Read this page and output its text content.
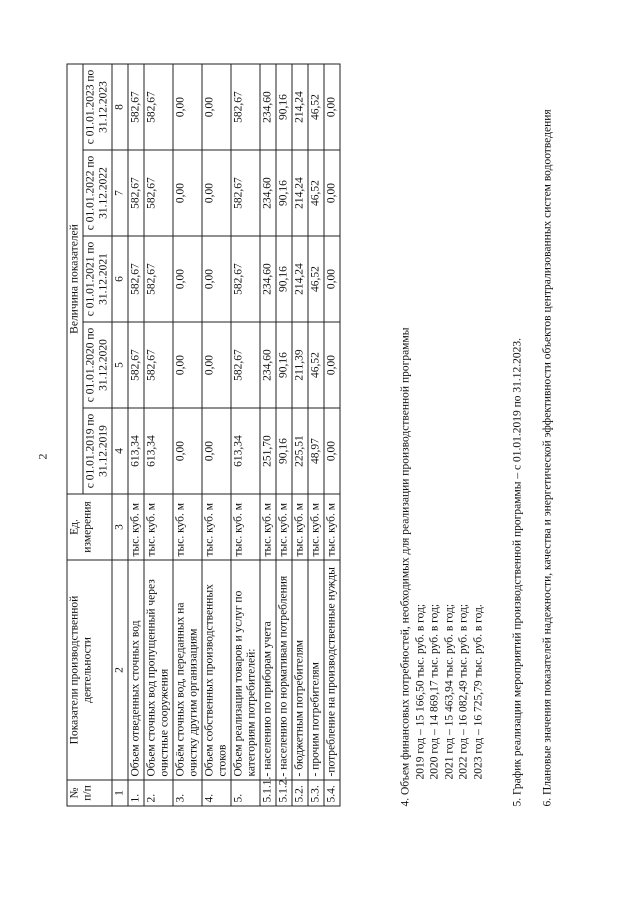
2
№ п/п	Показатели производственной деятельности	Ед. измерения	Величина показателей				
			с 01.01.2019 по 31.12.2019	с 01.01.2020 по 31.12.2020	с 01.01.2021 по 31.12.2021	с 01.01.2022 по 31.12.2022	с 01.01.2023 по 31.12.2023
1	2	3	4	5	6	7	8
1.	Объем отведенных сточных вод	тыс. куб. м	613,34	582,67	582,67	582,67	582,67
2.	Объем сточных вод пропущенный через очистные сооружения	тыс. куб. м	613,34	582,67	582,67	582,67	582,67
3.	Объём сточных вод, переданных на очистку другим организациям	тыс. куб. м	0,00	0,00	0,00	0,00	0,00
4.	Объем собственных производственных стоков	тыс. куб. м	0,00	0,00	0,00	0,00	0,00
5.	Объем реализации товаров и услуг по категориям потребителей:	тыс. куб. м	613,34	582,67	582,67	582,67	582,67
5.1.1.	- населению по приборам учета	тыс. куб. м	251,70	234,60	234,60	234,60	234,60
5.1.2.	- населению по нормативам потребления	тыс. куб. м	90,16	90,16	90,16	90,16	90,16
5.2.	- бюджетным потребителям	тыс. куб. м	225,51	211,39	214,24	214,24	214,24
5.3.	- прочим потребителям	тыс. куб. м	48,97	46,52	46,52	46,52	46,52
5.4.	-потребление на производственные нужды	тыс. куб. м	0,00	0,00	0,00	0,00	0,00
4. Объем финансовых потребностей, необходимых для реализации производственной программы 2019 год – 15 166,50 тыс. руб. в год; 2020 год – 14 869,17 тыс. руб. в год; 2021 год – 15 463,94 тыс. руб. в год; 2022 год – 16 082,49 тыс. руб. в год; 2023 год – 16 725,79 тыс. руб. в год. 5. График реализации мероприятий производственной программы – с 01.01.2019 по 31.12.2023. 6. Плановые значения показателей надежности, качества и энергетической эффективности объектов централизованных систем водоотведения
